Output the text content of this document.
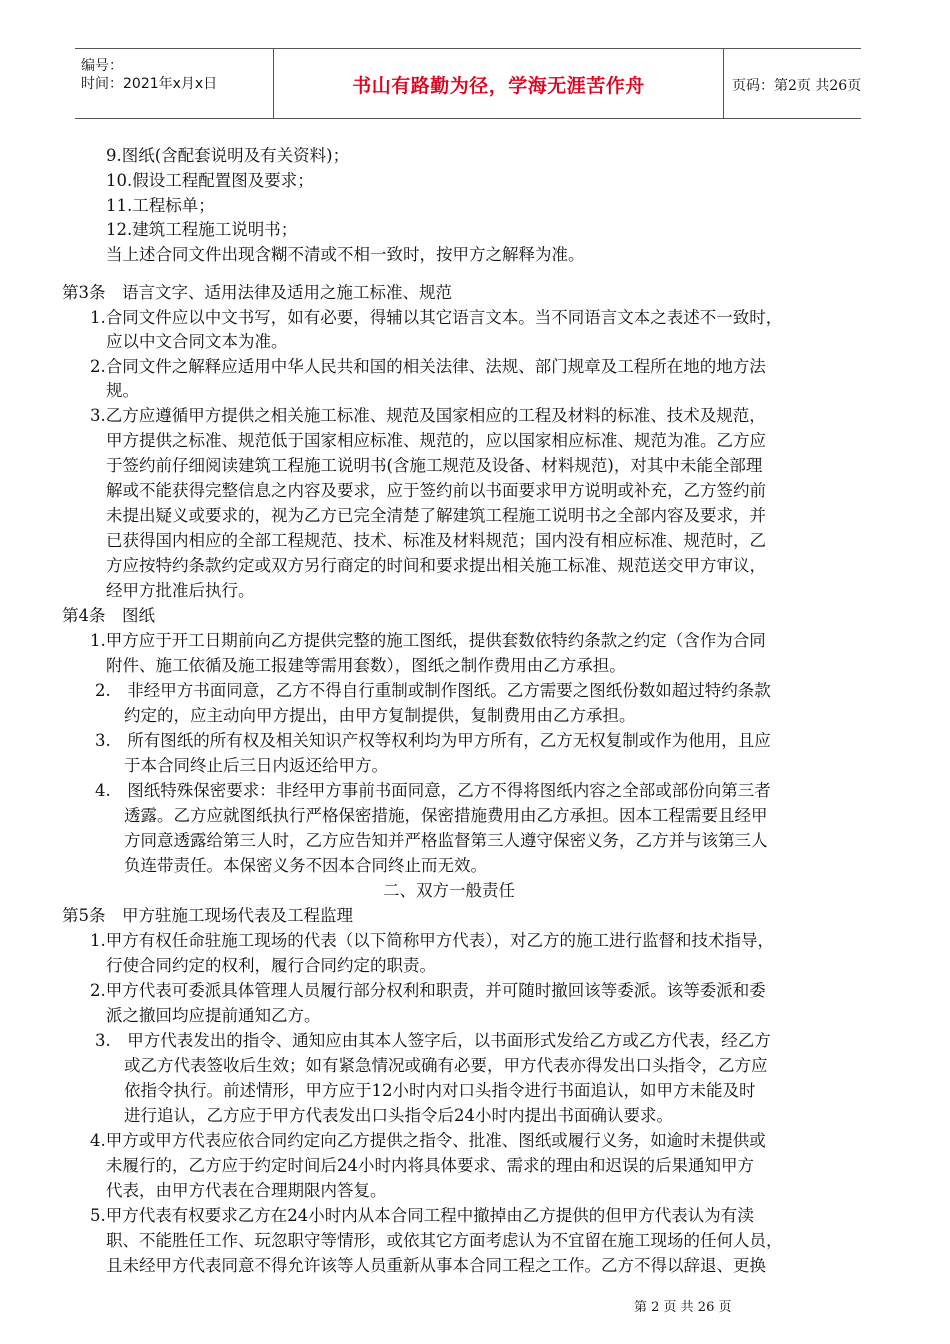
编号：
时间：2021年x月x日	书山有路勤为径，学海无涯苦作舟	页码：第2页 共26页
9.图纸(含配套说明及有关资料)；
10.假设工程配置图及要求；
11.工程标单；
12.建筑工程施工说明书；
当上述合同文件出现含糊不清或不相一致时，按甲方之解释为准。
第3条　语言文字、适用法律及适用之施工标准、规范
1.合同文件应以中文书写，如有必要，得辅以其它语言文本。当不同语言文本之表述不一致时，
应以中文合同文本为准。
2.合同文件之解释应适用中华人民共和国的相关法律、法规、部门规章及工程所在地的地方法
规。
3.乙方应遵循甲方提供之相关施工标准、规范及国家相应的工程及材料的标准、技术及规范，
甲方提供之标准、规范低于国家相应标准、规范的，应以国家相应标准、规范为准。乙方应
于签约前仔细阅读建筑工程施工说明书(含施工规范及设备、材料规范)，对其中未能全部理
解或不能获得完整信息之内容及要求，应于签约前以书面要求甲方说明或补充，乙方签约前
未提出疑义或要求的，视为乙方已完全清楚了解建筑工程施工说明书之全部内容及要求，并
已获得国内相应的全部工程规范、技术、标准及材料规范；国内没有相应标准、规范时，乙
方应按特约条款约定或双方另行商定的时间和要求提出相关施工标准、规范送交甲方审议，
经甲方批准后执行。
第4条　图纸
1.甲方应于开工日期前向乙方提供完整的施工图纸，提供套数依特约条款之约定（含作为合同
附件、施工依循及施工报建等需用套数），图纸之制作费用由乙方承担。
2.　非经甲方书面同意，乙方不得自行重制或制作图纸。乙方需要之图纸份数如超过特约条款
约定的，应主动向甲方提出，由甲方复制提供，复制费用由乙方承担。
3.　所有图纸的所有权及相关知识产权等权利均为甲方所有，乙方无权复制或作为他用，且应
于本合同终止后三日内返还给甲方。
4.　图纸特殊保密要求：非经甲方事前书面同意，乙方不得将图纸内容之全部或部份向第三者
透露。乙方应就图纸执行严格保密措施，保密措施费用由乙方承担。因本工程需要且经甲
方同意透露给第三人时，乙方应告知并严格监督第三人遵守保密义务，乙方并与该第三人
负连带责任。本保密义务不因本合同终止而无效。
二、双方一般责任
第5条　甲方驻施工现场代表及工程监理
1.甲方有权任命驻施工现场的代表（以下简称甲方代表），对乙方的施工进行监督和技术指导，
行使合同约定的权利，履行合同约定的职责。
2.甲方代表可委派具体管理人员履行部分权利和职责，并可随时撤回该等委派。该等委派和委
派之撤回均应提前通知乙方。
3.　甲方代表发出的指令、通知应由其本人签字后，以书面形式发给乙方或乙方代表，经乙方
或乙方代表签收后生效；如有紧急情况或确有必要，甲方代表亦得发出口头指令，乙方应
依指令执行。前述情形，甲方应于12小时内对口头指令进行书面追认，如甲方未能及时
进行追认，乙方应于甲方代表发出口头指令后24小时内提出书面确认要求。
4.甲方或甲方代表应依合同约定向乙方提供之指令、批准、图纸或履行义务，如逾时未提供或
未履行的，乙方应于约定时间后24小时内将具体要求、需求的理由和迟误的后果通知甲方
代表，由甲方代表在合理期限内答复。
5.甲方代表有权要求乙方在24小时内从本合同工程中撤掉由乙方提供的但甲方代表认为有渎
职、不能胜任工作、玩忽职守等情形，或依其它方面考虑认为不宜留在施工现场的任何人员，
且未经甲方代表同意不得允许该等人员重新从事本合同工程之工作。乙方不得以辞退、更换
第 2 页 共 26 页
